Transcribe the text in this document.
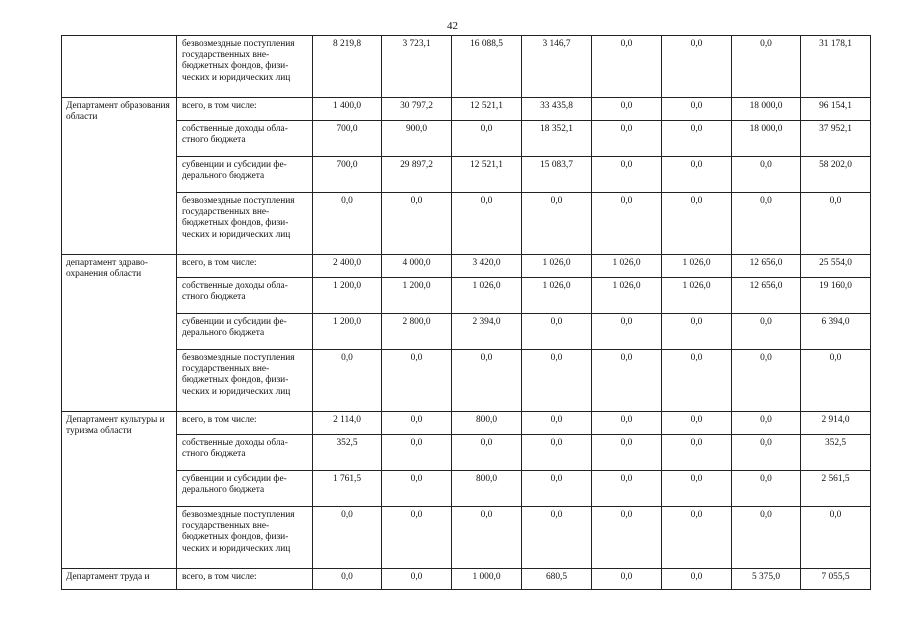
42
	безвозмездные поступления государственных внебюджетных фондов, физических и юридических лиц	8 219,8	3 723,1	16 088,5	3 146,7	0,0	0,0	0,0	31 178,1
Департамент образования области	всего, в том числе:	1 400,0	30 797,2	12 521,1	33 435,8	0,0	0,0	18 000,0	96 154,1
	собственные доходы областного бюджета	700,0	900,0	0,0	18 352,1	0,0	0,0	18 000,0	37 952,1
	субвенции и субсидии федерального бюджета	700,0	29 897,2	12 521,1	15 083,7	0,0	0,0	0,0	58 202,0
	безвозмездные поступления государственных внебюджетных фондов, физических и юридических лиц	0,0	0,0	0,0	0,0	0,0	0,0	0,0	0,0
департамент здравоохранения области	всего, в том числе:	2 400,0	4 000,0	3 420,0	1 026,0	1 026,0	1 026,0	12 656,0	25 554,0
	собственные доходы областного бюджета	1 200,0	1 200,0	1 026,0	1 026,0	1 026,0	1 026,0	12 656,0	19 160,0
	субвенции и субсидии федерального бюджета	1 200,0	2 800,0	2 394,0	0,0	0,0	0,0	0,0	6 394,0
	безвозмездные поступления государственных внебюджетных фондов, физических и юридических лиц	0,0	0,0	0,0	0,0	0,0	0,0	0,0	0,0
Департамент культуры и туризма области	всего, в том числе:	2 114,0	0,0	800,0	0,0	0,0	0,0	0,0	2 914,0
	собственные доходы областного бюджета	352,5	0,0	0,0	0,0	0,0	0,0	0,0	352,5
	субвенции и субсидии федерального бюджета	1 761,5	0,0	800,0	0,0	0,0	0,0	0,0	2 561,5
	безвозмездные поступления государственных внебюджетных фондов, физических и юридических лиц	0,0	0,0	0,0	0,0	0,0	0,0	0,0	0,0
Департамент труда и	всего, в том числе:	0,0	0,0	1 000,0	680,5	0,0	0,0	5 375,0	7 055,5
